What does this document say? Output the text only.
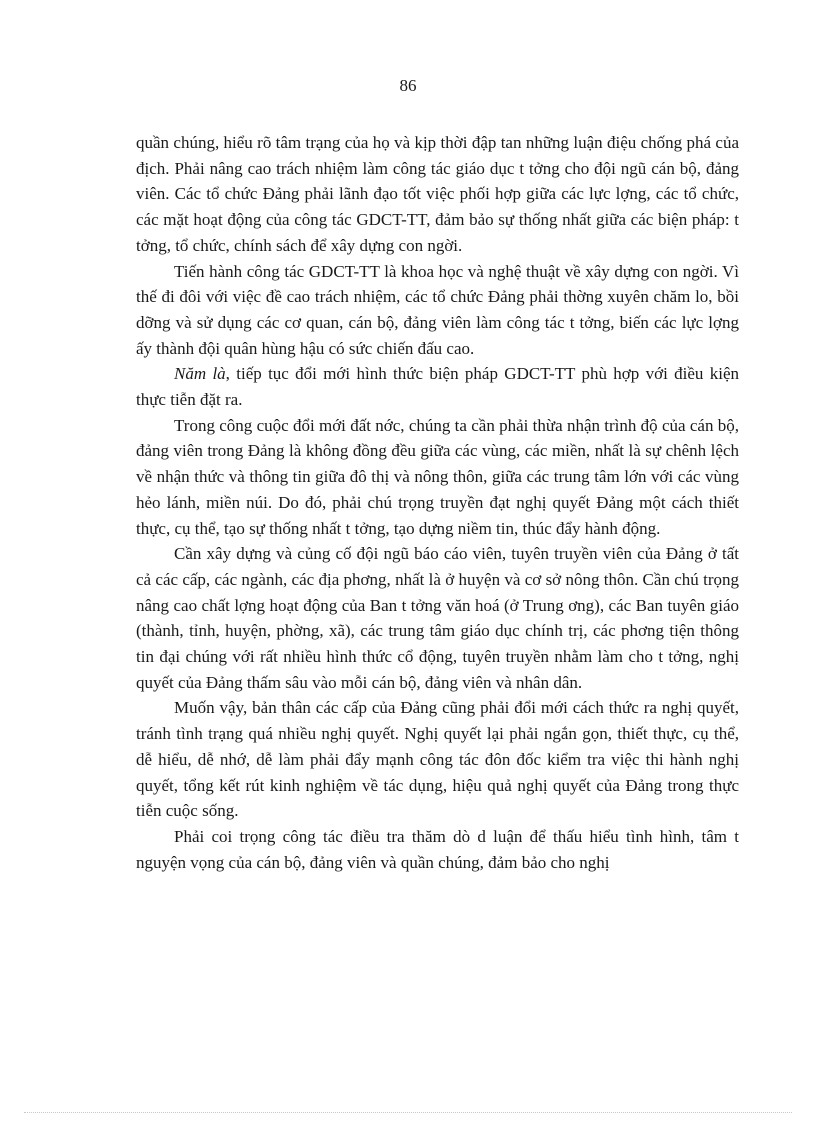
86

quần chúng, hiểu rõ tâm trạng của họ và kịp thời đập tan những luận điệu chống phá của địch. Phải nâng cao trách nhiệm làm công tác giáo dục t tởng cho đội ngũ cán bộ, đảng viên. Các tổ chức Đảng phải lãnh đạo tốt việc phối hợp giữa các lực lợng, các tổ chức, các mặt hoạt động của công tác GDCT-TT, đảm bảo sự thống nhất giữa các biện pháp: t tởng, tổ chức, chính sách để xây dựng con ngời.

Tiến hành công tác GDCT-TT là khoa học và nghệ thuật về xây dựng con ngời. Vì thế đi đôi với việc đề cao trách nhiệm, các tổ chức Đảng phải thờng xuyên chăm lo, bồi dỡng và sử dụng các cơ quan, cán bộ, đảng viên làm công tác t tởng, biến các lực lợng ấy thành đội quân hùng hậu có sức chiến đấu cao.

Năm là, tiếp tục đổi mới hình thức biện pháp GDCT-TT phù hợp với điều kiện thực tiễn đặt ra.

Trong công cuộc đổi mới đất nớc, chúng ta cần phải thừa nhận trình độ của cán bộ, đảng viên trong Đảng là không đồng đều giữa các vùng, các miền, nhất là sự chênh lệch về nhận thức và thông tin giữa đô thị và nông thôn, giữa các trung tâm lớn với các vùng hẻo lánh, miền núi. Do đó, phải chú trọng truyền đạt nghị quyết Đảng một cách thiết thực, cụ thể, tạo sự thống nhất t tởng, tạo dựng niềm tin, thúc đẩy hành động.

Cần xây dựng và củng cố đội ngũ báo cáo viên, tuyên truyền viên của Đảng ở tất cả các cấp, các ngành, các địa phơng, nhất là ở huyện và cơ sở nông thôn. Cần chú trọng nâng cao chất lợng hoạt động của Ban t tởng văn hoá (ở Trung ơng), các Ban tuyên giáo (thành, tỉnh, huyện, phờng, xã), các trung tâm giáo dục chính trị, các phơng tiện thông tin đại chúng với rất nhiều hình thức cổ động, tuyên truyền nhằm làm cho t tởng, nghị quyết của Đảng thấm sâu vào mỗi cán bộ, đảng viên và nhân dân.

Muốn vậy, bản thân các cấp của Đảng cũng phải đổi mới cách thức ra nghị quyết, tránh tình trạng quá nhiều nghị quyết. Nghị quyết lại phải ngắn gọn, thiết thực, cụ thể, dễ hiểu, dễ nhớ, dễ làm phải đẩy mạnh công tác đôn đốc kiểm tra việc thi hành nghị quyết, tổng kết rút kinh nghiệm về tác dụng, hiệu quả nghị quyết của Đảng trong thực tiễn cuộc sống.

Phải coi trọng công tác điều tra thăm dò d luận để thấu hiểu tình hình, tâm t nguyện vọng của cán bộ, đảng viên và quần chúng, đảm bảo cho nghị
